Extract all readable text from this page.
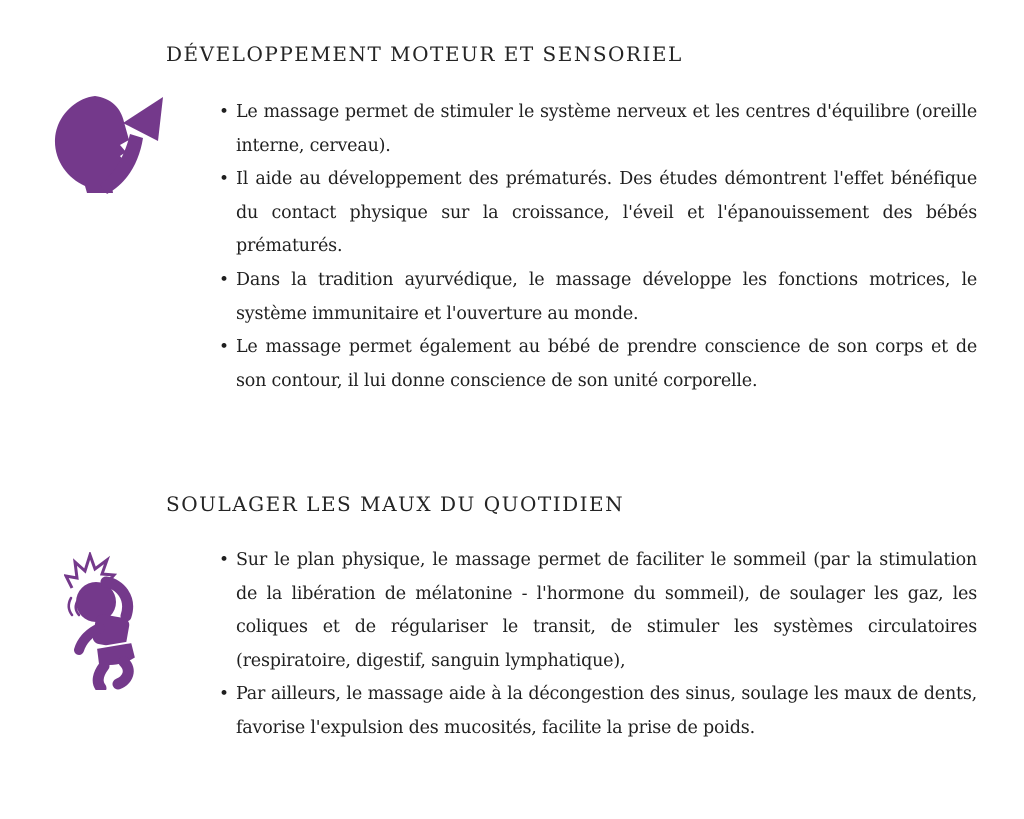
DÉVELOPPEMENT MOTEUR ET SENSORIEL
• Le massage permet de stimuler le système nerveux et les centres d'équilibre (oreille interne, cerveau).
• Il aide au développement des prématurés. Des études démontrent l'effet bénéfique du contact physique sur la croissance, l'éveil et l'épanouissement des bébés prématurés.
• Dans la tradition ayurvédique, le massage développe les fonctions motrices, le système immunitaire et l'ouverture au monde.
• Le massage permet également au bébé de prendre conscience de son corps et de son contour, il lui donne conscience de son unité corporelle.
SOULAGER LES MAUX DU QUOTIDIEN
• Sur le plan physique, le massage permet de faciliter le sommeil (par la stimulation de la libération de mélatonine - l'hormone du sommeil), de soulager les gaz, les coliques et de régulariser le transit, de stimuler les systèmes circulatoires (respiratoire, digestif, sanguin lymphatique),
• Par ailleurs, le massage aide à la décongestion des sinus, soulage les maux de dents, favorise l'expulsion des mucosités, facilite la prise de poids.
